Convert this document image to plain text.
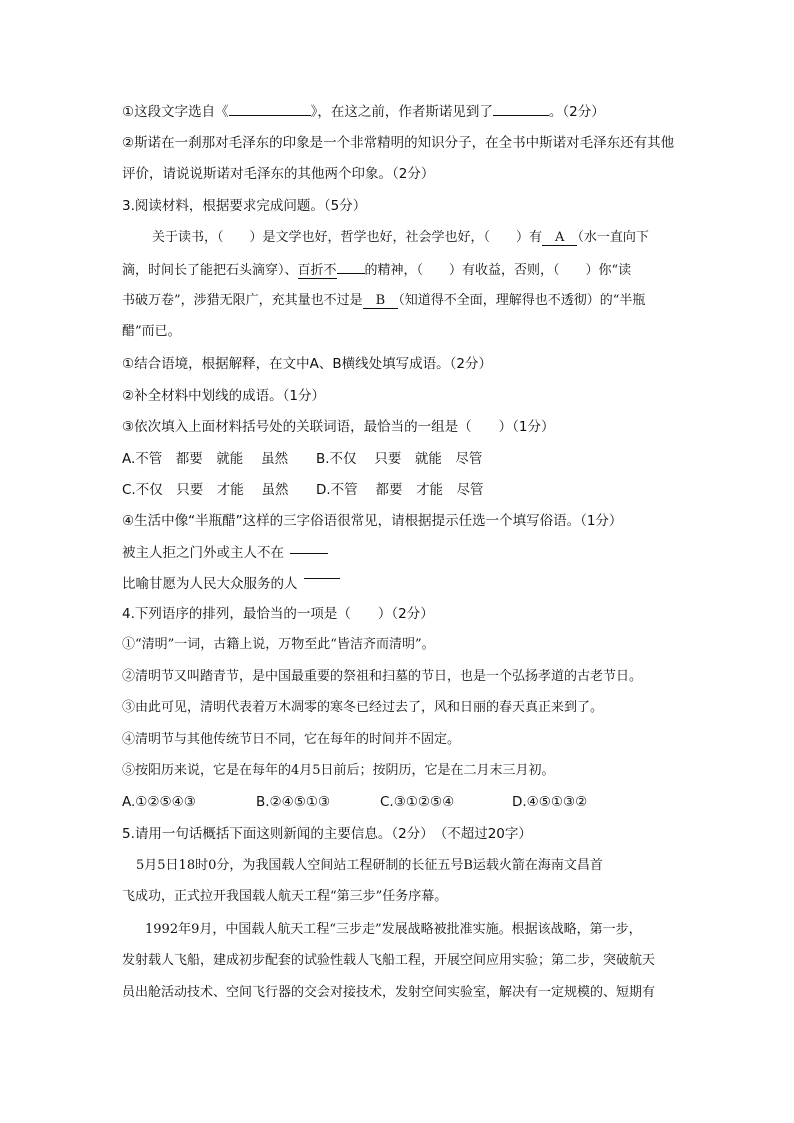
①这段文字选自《	》，在这之前，作者斯诺见到了	。（2分）
②斯诺在一刹那对毛泽东的印象是一个非常精明的知识分子，在全书中斯诺对毛泽东还有其他
评价，请说说斯诺对毛泽东的其他两个印象。（2分）
3.阅读材料，根据要求完成问题。（5分）
关于读书，（　　）是文学也好，哲学也好，社会学也好，（　　）有　A　（水一直向下
滴，时间长了能把石头滴穿）、百折不 的精神，（　　）有收益，否则，（　　）你“读
书破万卷”，涉猎无限广，充其量也不过是　B　（知道得不全面，理解得也不透彻）的“半瓶
醋”而已。
①结合语境，根据解释，在文中A、B横线处填写成语。（2分）
②补全材料中划线的成语。（1分）
③依次填入上面材料括号处的关联词语，最恰当的一组是（　　）（1分）
A.不管　都要　就能　 虽然 B.不仅　 只要　就能　尽管
C.不仅　只要　才能　 虽然 D.不管　 都要　才能　尽管
④生活中像“半瓶醋”这样的三字俗语很常见，请根据提示任选一个填写俗语。（1分）
被主人拒之门外或主人不在
比喻甘愿为人民大众服务的人
4.下列语序的排列，最恰当的一项是（　　）（2分）
①“清明”一词，古籍上说，万物至此“皆洁齐而清明”。
②清明节又叫踏青节，是中国最重要的祭祖和扫墓的节日，也是一个弘扬孝道的古老节日。
③由此可见，清明代表着万木凋零的寒冬已经过去了，风和日丽的春天真正来到了。
④清明节与其他传统节日不同，它在每年的时间并不固定。
⑤按阳历来说，它是在每年的4月5日前后；按阴历，它是在二月末三月初。
A.①②⑤④③	B.②④⑤①③	C.③①②⑤④	D.④⑤①③②
5.请用一句话概括下面这则新闻的主要信息。（2分）　（不超过20字）
5月5日18时0分，为我国载人空间站工程研制的长征五号B运载火箭在海南文昌首
飞成功，正式拉开我国载人航天工程“第三步”任务序幕。
1992年9月，中国载人航天工程“三步走”发展战略被批准实施。根据该战略，第一步，
发射载人飞船，建成初步配套的试验性载人飞船工程，开展空间应用实验；第二步，突破航天
员出舱活动技术、空间飞行器的交会对接技术，发射空间实验室，解决有一定规模的、短期有
